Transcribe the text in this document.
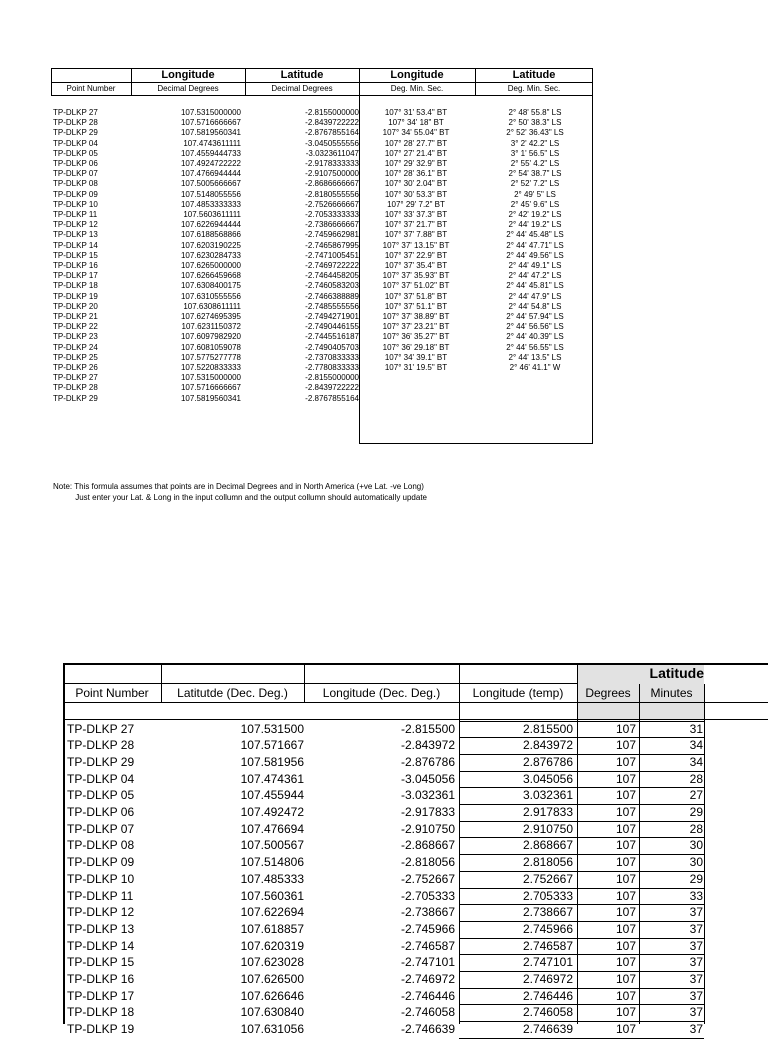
Longitude	Latitude	Longitude	Latitude
Point Number	Decimal Degrees	Decimal Degrees	Deg. Min. Sec.	Deg. Min. Sec.
TP-DLKP 27	107.5315000000	-2.8155000000	107° 31' 53.4" BT	2° 48' 55.8" LS
TP-DLKP 28	107.5716666667	-2.8439722222	107° 34' 18" BT	2° 50' 38.3" LS
TP-DLKP 29	107.5819560341	-2.8767855164	107° 34' 55.04" BT	2° 52' 36.43" LS
TP-DLKP 04	107.4743611111	-3.0450555556	107° 28' 27.7" BT	3° 2' 42.2" LS
TP-DLKP 05	107.4559444733	-3.0323611047	107° 27' 21.4" BT	3° 1' 56.5" LS
TP-DLKP 06	107.4924722222	-2.9178333333	107° 29' 32.9" BT	2° 55' 4.2" LS
TP-DLKP 07	107.4766944444	-2.9107500000	107° 28' 36.1" BT	2° 54' 38.7" LS
TP-DLKP 08	107.5005666667	-2.8686666667	107° 30' 2.04" BT	2° 52' 7.2" LS
TP-DLKP 09	107.5148055556	-2.8180555556	107° 30' 53.3" BT	2° 49' 5" LS
TP-DLKP 10	107.4853333333	-2.7526666667	107° 29' 7.2" BT	2° 45' 9.6" LS
TP-DLKP 11	107.5603611111	-2.7053333333	107° 33' 37.3" BT	2° 42' 19.2" LS
TP-DLKP 12	107.6226944444	-2.7386666667	107° 37' 21.7" BT	2° 44' 19.2" LS
TP-DLKP 13	107.6188568866	-2.7459662981	107° 37' 7.88" BT	2° 44' 45.48" LS
TP-DLKP 14	107.6203190225	-2.7465867995	107° 37' 13.15" BT	2° 44' 47.71" LS
TP-DLKP 15	107.6230284733	-2.7471005451	107° 37' 22.9" BT	2° 44' 49.56" LS
TP-DLKP 16	107.6265000000	-2.7469722222	107° 37' 35.4" BT	2° 44' 49.1" LS
TP-DLKP 17	107.6266459668	-2.7464458205	107° 37' 35.93" BT	2° 44' 47.2" LS
TP-DLKP 18	107.6308400175	-2.7460583203	107° 37' 51.02" BT	2° 44' 45.81" LS
TP-DLKP 19	107.6310555556	-2.7466388889	107° 37' 51.8" BT	2° 44' 47.9" LS
TP-DLKP 20	107.6308611111	-2.7485555556	107° 37' 51.1" BT	2° 44' 54.8" LS
TP-DLKP 21	107.6274695395	-2.7494271901	107° 37' 38.89" BT	2° 44' 57.94" LS
TP-DLKP 22	107.6231150372	-2.7490446155	107° 37' 23.21" BT	2° 44' 56.56" LS
TP-DLKP 23	107.6097982920	-2.7445516187	107° 36' 35.27" BT	2° 44' 40.39" LS
TP-DLKP 24	107.6081059078	-2.7490405703	107° 36' 29.18" BT	2° 44' 56.55" LS
TP-DLKP 25	107.5775277778	-2.7370833333	107° 34' 39.1" BT	2° 44' 13.5" LS
TP-DLKP 26	107.5220833333	-2.7780833333	107° 31' 19.5" BT	2° 46' 41.1" W
TP-DLKP 27	107.5315000000	-2.8155000000
TP-DLKP 28	107.5716666667	-2.8439722222
TP-DLKP 29	107.5819560341	-2.8767855164
Note: This formula assumes that points are in Decimal Degrees and in North America (+ve Lat. -ve Long)
Just enter your Lat. & Long in the input collumn and the output collumn should automatically update
Latitude
Point Number	Latitutde (Dec. Deg.)	Longitude (Dec. Deg.)	Longitude (temp)	Degrees	Minutes
TP-DLKP 27	107.531500	-2.815500	2.815500	107	31
TP-DLKP 28	107.571667	-2.843972	2.843972	107	34
TP-DLKP 29	107.581956	-2.876786	2.876786	107	34
TP-DLKP 04	107.474361	-3.045056	3.045056	107	28
TP-DLKP 05	107.455944	-3.032361	3.032361	107	27
TP-DLKP 06	107.492472	-2.917833	2.917833	107	29
TP-DLKP 07	107.476694	-2.910750	2.910750	107	28
TP-DLKP 08	107.500567	-2.868667	2.868667	107	30
TP-DLKP 09	107.514806	-2.818056	2.818056	107	30
TP-DLKP 10	107.485333	-2.752667	2.752667	107	29
TP-DLKP 11	107.560361	-2.705333	2.705333	107	33
TP-DLKP 12	107.622694	-2.738667	2.738667	107	37
TP-DLKP 13	107.618857	-2.745966	2.745966	107	37
TP-DLKP 14	107.620319	-2.746587	2.746587	107	37
TP-DLKP 15	107.623028	-2.747101	2.747101	107	37
TP-DLKP 16	107.626500	-2.746972	2.746972	107	37
TP-DLKP 17	107.626646	-2.746446	2.746446	107	37
TP-DLKP 18	107.630840	-2.746058	2.746058	107	37
TP-DLKP 19	107.631056	-2.746639	2.746639	107	37
